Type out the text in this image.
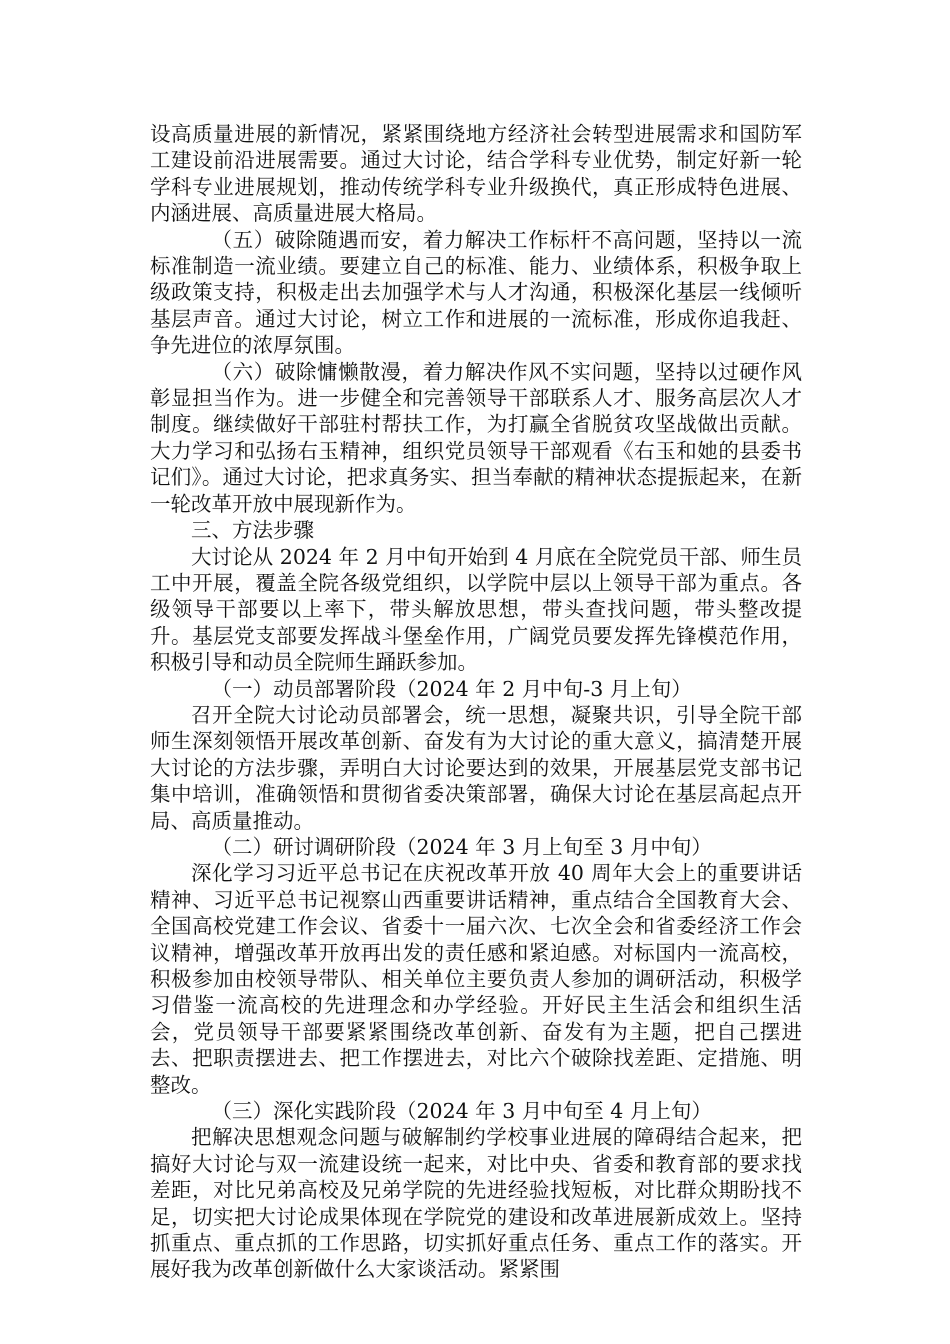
设高质量进展的新情况，紧紧围绕地方经济社会转型进展需求和国防军工建设前沿进展需要。通过大讨论，结合学科专业优势，制定好新一轮学科专业进展规划，推动传统学科专业升级换代，真正形成特色进展、内涵进展、高质量进展大格局。

（五）破除随遇而安，着力解决工作标杆不高问题，坚持以一流标准制造一流业绩。要建立自己的标准、能力、业绩体系，积极争取上级政策支持，积极走出去加强学术与人才沟通，积极深化基层一线倾听基层声音。通过大讨论，树立工作和进展的一流标准，形成你追我赶、争先进位的浓厚氛围。

（六）破除慵懒散漫，着力解决作风不实问题，坚持以过硬作风彰显担当作为。进一步健全和完善领导干部联系人才、服务高层次人才制度。继续做好干部驻村帮扶工作，为打赢全省脱贫攻坚战做出贡献。大力学习和弘扬右玉精神，组织党员领导干部观看《右玉和她的县委书记们》。通过大讨论，把求真务实、担当奉献的精神状态提振起来，在新一轮改革开放中展现新作为。

三、方法步骤

大讨论从 2024 年 2 月中旬开始到 4 月底在全院党员干部、师生员工中开展，覆盖全院各级党组织，以学院中层以上领导干部为重点。各级领导干部要以上率下，带头解放思想，带头查找问题，带头整改提升。基层党支部要发挥战斗堡垒作用，广阔党员要发挥先锋模范作用，积极引导和动员全院师生踊跃参加。

（一）动员部署阶段（2024 年 2 月中旬-3 月上旬）

召开全院大讨论动员部署会，统一思想，凝聚共识，引导全院干部师生深刻领悟开展改革创新、奋发有为大讨论的重大意义，搞清楚开展大讨论的方法步骤，弄明白大讨论要达到的效果，开展基层党支部书记集中培训，准确领悟和贯彻省委决策部署，确保大讨论在基层高起点开局、高质量推动。

（二）研讨调研阶段（2024 年 3 月上旬至 3 月中旬）

深化学习习近平总书记在庆祝改革开放 40 周年大会上的重要讲话精神、习近平总书记视察山西重要讲话精神，重点结合全国教育大会、全国高校党建工作会议、省委十一届六次、七次全会和省委经济工作会议精神，增强改革开放再出发的责任感和紧迫感。对标国内一流高校，积极参加由校领导带队、相关单位主要负责人参加的调研活动，积极学习借鉴一流高校的先进理念和办学经验。开好民主生活会和组织生活会，党员领导干部要紧紧围绕改革创新、奋发有为主题，把自己摆进去、把职责摆进去、把工作摆进去，对比六个破除找差距、定措施、明整改。

（三）深化实践阶段（2024 年 3 月中旬至 4 月上旬）

把解决思想观念问题与破解制约学校事业进展的障碍结合起来，把搞好大讨论与双一流建设统一起来，对比中央、省委和教育部的要求找差距，对比兄弟高校及兄弟学院的先进经验找短板，对比群众期盼找不足，切实把大讨论成果体现在学院党的建设和改革进展新成效上。坚持抓重点、重点抓的工作思路，切实抓好重点任务、重点工作的落实。开展好我为改革创新做什么大家谈活动。紧紧围
